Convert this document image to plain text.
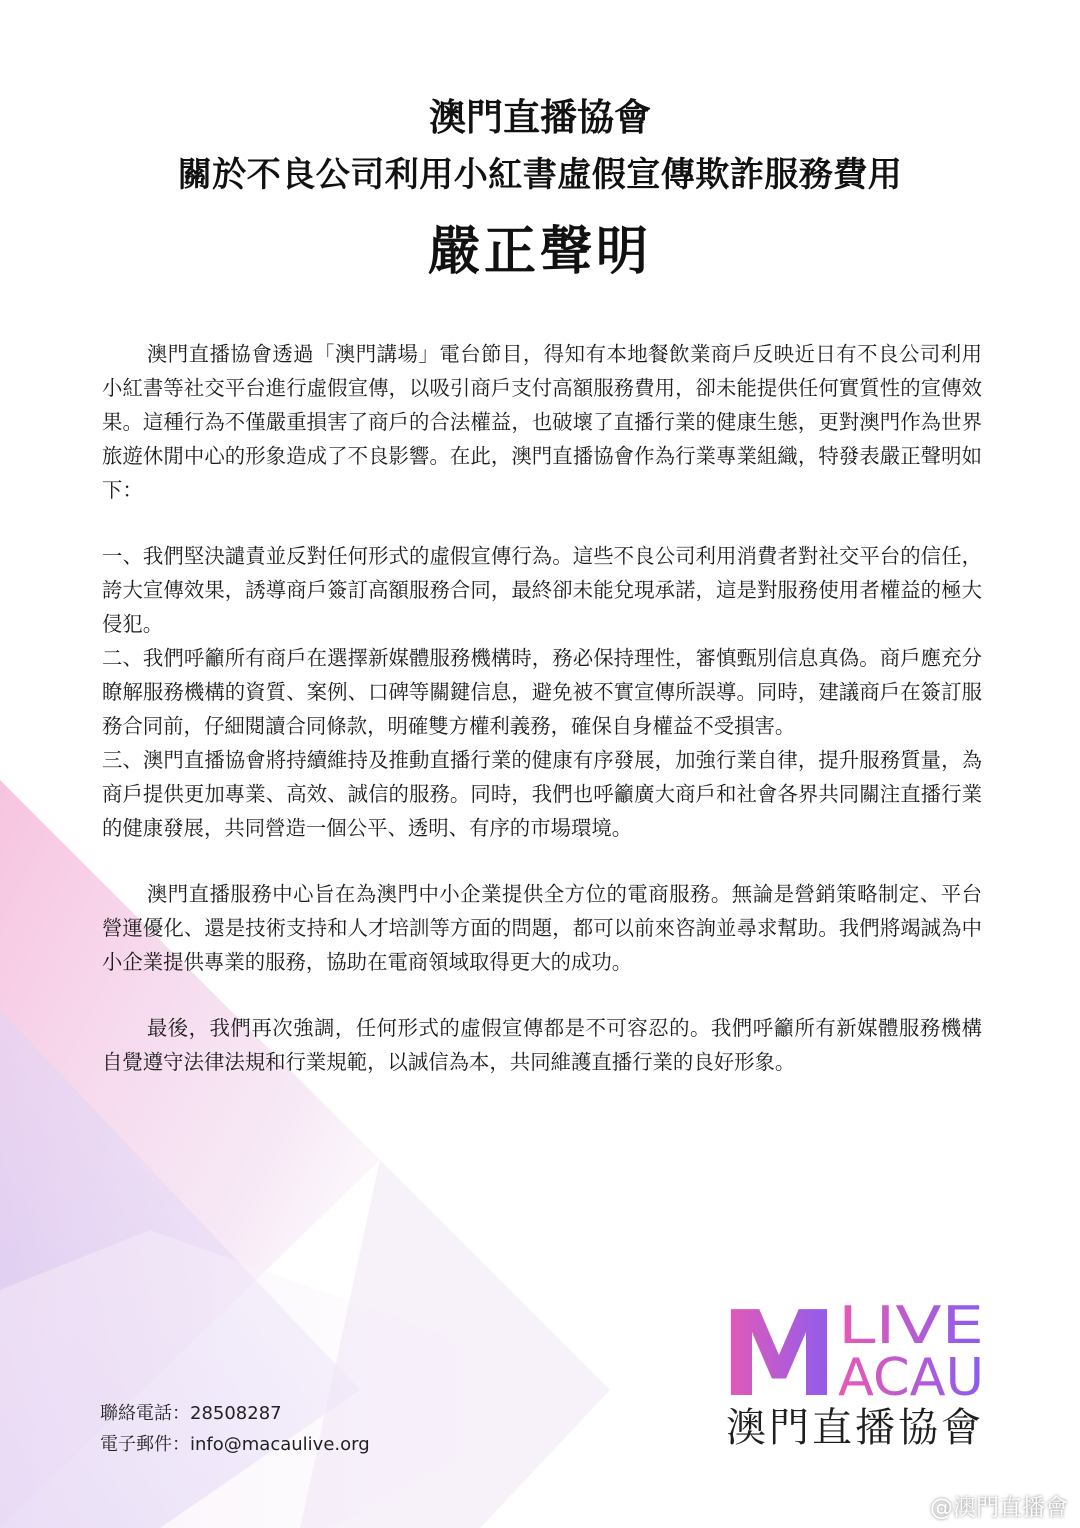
澳門直播協會
關於不良公司利用小紅書虛假宣傳欺詐服務費用
嚴正聲明

澳門直播協會透過「澳門講場」電台節目，得知有本地餐飲業商戶反映近日有不良公司利用小紅書等社交平台進行虛假宣傳，以吸引商戶支付高額服務費用，卻未能提供任何實質性的宣傳效果。這種行為不僅嚴重損害了商戶的合法權益，也破壞了直播行業的健康生態，更對澳門作為世界旅遊休閒中心的形象造成了不良影響。在此，澳門直播協會作為行業專業組織，特發表嚴正聲明如下：

一、我們堅決譴責並反對任何形式的虛假宣傳行為。這些不良公司利用消費者對社交平台的信任，誇大宣傳效果，誘導商戶簽訂高額服務合同，最終卻未能兌現承諾，這是對服務使用者權益的極大侵犯。

二、我們呼籲所有商戶在選擇新媒體服務機構時，務必保持理性，審慎甄別信息真偽。商戶應充分瞭解服務機構的資質、案例、口碑等關鍵信息，避免被不實宣傳所誤導。同時，建議商戶在簽訂服務合同前，仔細閱讀合同條款，明確雙方權利義務，確保自身權益不受損害。

三、澳門直播協會將持續維持及推動直播行業的健康有序發展，加強行業自律，提升服務質量，為商戶提供更加專業、高效、誠信的服務。同時，我們也呼籲廣大商戶和社會各界共同關注直播行業的健康發展，共同營造一個公平、透明、有序的市場環境。

澳門直播服務中心旨在為澳門中小企業提供全方位的電商服務。無論是營銷策略制定、平台營運優化、還是技術支持和人才培訓等方面的問題，都可以前來咨詢並尋求幫助。我們將竭誠為中小企業提供專業的服務，協助在電商領域取得更大的成功。

最後，我們再次強調，任何形式的虛假宣傳都是不可容忍的。我們呼籲所有新媒體服務機構自覺遵守法律法規和行業規範，以誠信為本，共同維護直播行業的良好形象。

聯絡電話：28508287
電子郵件：info@macaulive.org
M LIVE
ACAU
澳門直播協會
@澳門直播會
